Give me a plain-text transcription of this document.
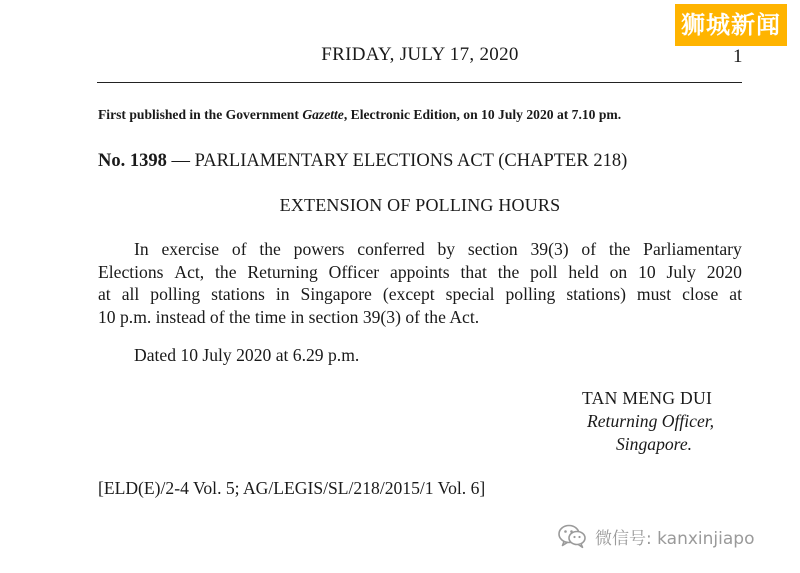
FRIDAY, JULY 17, 2020	1
First published in the Government Gazette, Electronic Edition, on 10 July 2020 at 7.10 pm.
No. 1398 — PARLIAMENTARY ELECTIONS ACT (CHAPTER 218)
EXTENSION OF POLLING HOURS
In exercise of the powers conferred by section 39(3) of the Parliamentary
Elections Act, the Returning Officer appoints that the poll held on 10 July 2020
at all polling stations in Singapore (except special polling stations) must close at
10 p.m. instead of the time in section 39(3) of the Act.
Dated 10 July 2020 at 6.29 p.m.
TAN MENG DUI
Returning Officer,
Singapore.
[ELD(E)/2-4 Vol. 5; AG/LEGIS/SL/218/2015/1 Vol. 6]
狮城新闻
微信号: kanxinjiapo
